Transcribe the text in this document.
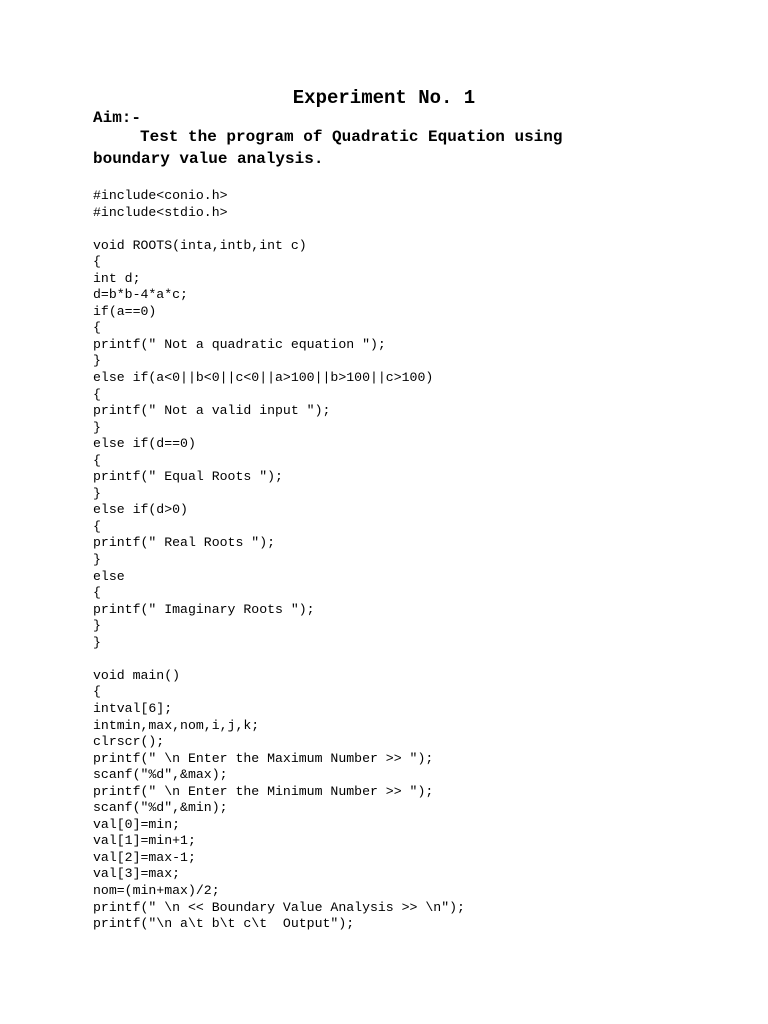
Experiment No. 1
Aim:-
Test the program of Quadratic Equation using
boundary value analysis.
#include<conio.h>
#include<stdio.h>

void ROOTS(inta,intb,int c)
{
int d;
d=b*b-4*a*c;
if(a==0)
{
printf(" Not a quadratic equation ");
}
else if(a<0||b<0||c<0||a>100||b>100||c>100)
{
printf(" Not a valid input ");
}
else if(d==0)
{
printf(" Equal Roots ");
}
else if(d>0)
{
printf(" Real Roots ");
}
else
{
printf(" Imaginary Roots ");
}
}

void main()
{
intval[6];
intmin,max,nom,i,j,k;
clrscr();
printf(" \n Enter the Maximum Number >> ");
scanf("%d",&max);
printf(" \n Enter the Minimum Number >> ");
scanf("%d",&min);
val[0]=min;
val[1]=min+1;
val[2]=max-1;
val[3]=max;
nom=(min+max)/2;
printf(" \n << Boundary Value Analysis >> \n");
printf("\n a\t b\t c\t  Output");
